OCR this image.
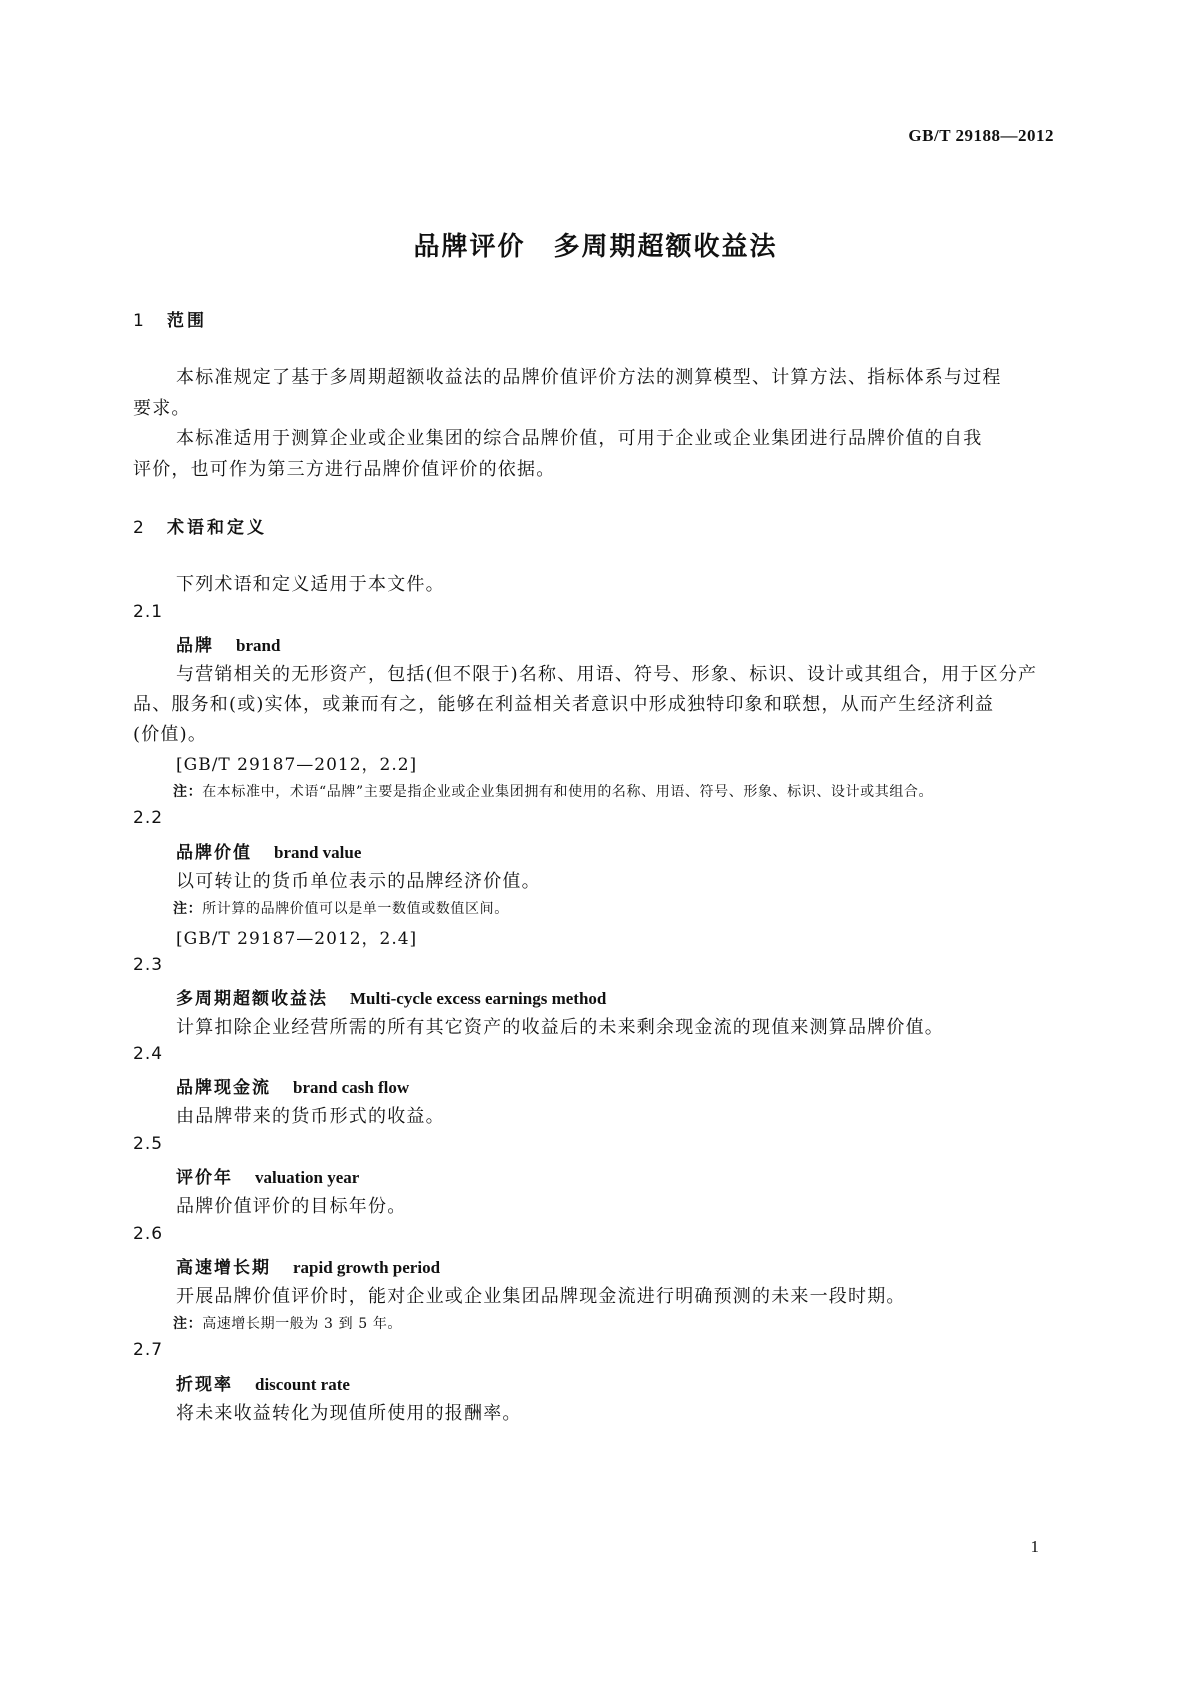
GB/T 29188—2012
品牌评价　多周期超额收益法
1 范围
本标准规定了基于多周期超额收益法的品牌价值评价方法的测算模型、计算方法、指标体系与过程
要求。
本标准适用于测算企业或企业集团的综合品牌价值，可用于企业或企业集团进行品牌价值的自我
评价，也可作为第三方进行品牌价值评价的依据。
2 术语和定义
下列术语和定义适用于本文件。
2.1
品牌 brand
与营销相关的无形资产，包括(但不限于)名称、用语、符号、形象、标识、设计或其组合，用于区分产
品、服务和(或)实体，或兼而有之，能够在利益相关者意识中形成独特印象和联想，从而产生经济利益
(价值)。
[GB/T 29187—2012，2.2]
注：在本标准中，术语“品牌”主要是指企业或企业集团拥有和使用的名称、用语、符号、形象、标识、设计或其组合。
2.2
品牌价值 brand value
以可转让的货币单位表示的品牌经济价值。
注：所计算的品牌价值可以是单一数值或数值区间。
[GB/T 29187—2012，2.4]
2.3
多周期超额收益法 Multi-cycle excess earnings method
计算扣除企业经营所需的所有其它资产的收益后的未来剩余现金流的现值来测算品牌价值。
2.4
品牌现金流 brand cash flow
由品牌带来的货币形式的收益。
2.5
评价年 valuation year
品牌价值评价的目标年份。
2.6
高速增长期 rapid growth period
开展品牌价值评价时，能对企业或企业集团品牌现金流进行明确预测的未来一段时期。
注：高速增长期一般为 3 到 5 年。
2.7
折现率 discount rate
将未来收益转化为现值所使用的报酬率。
1
